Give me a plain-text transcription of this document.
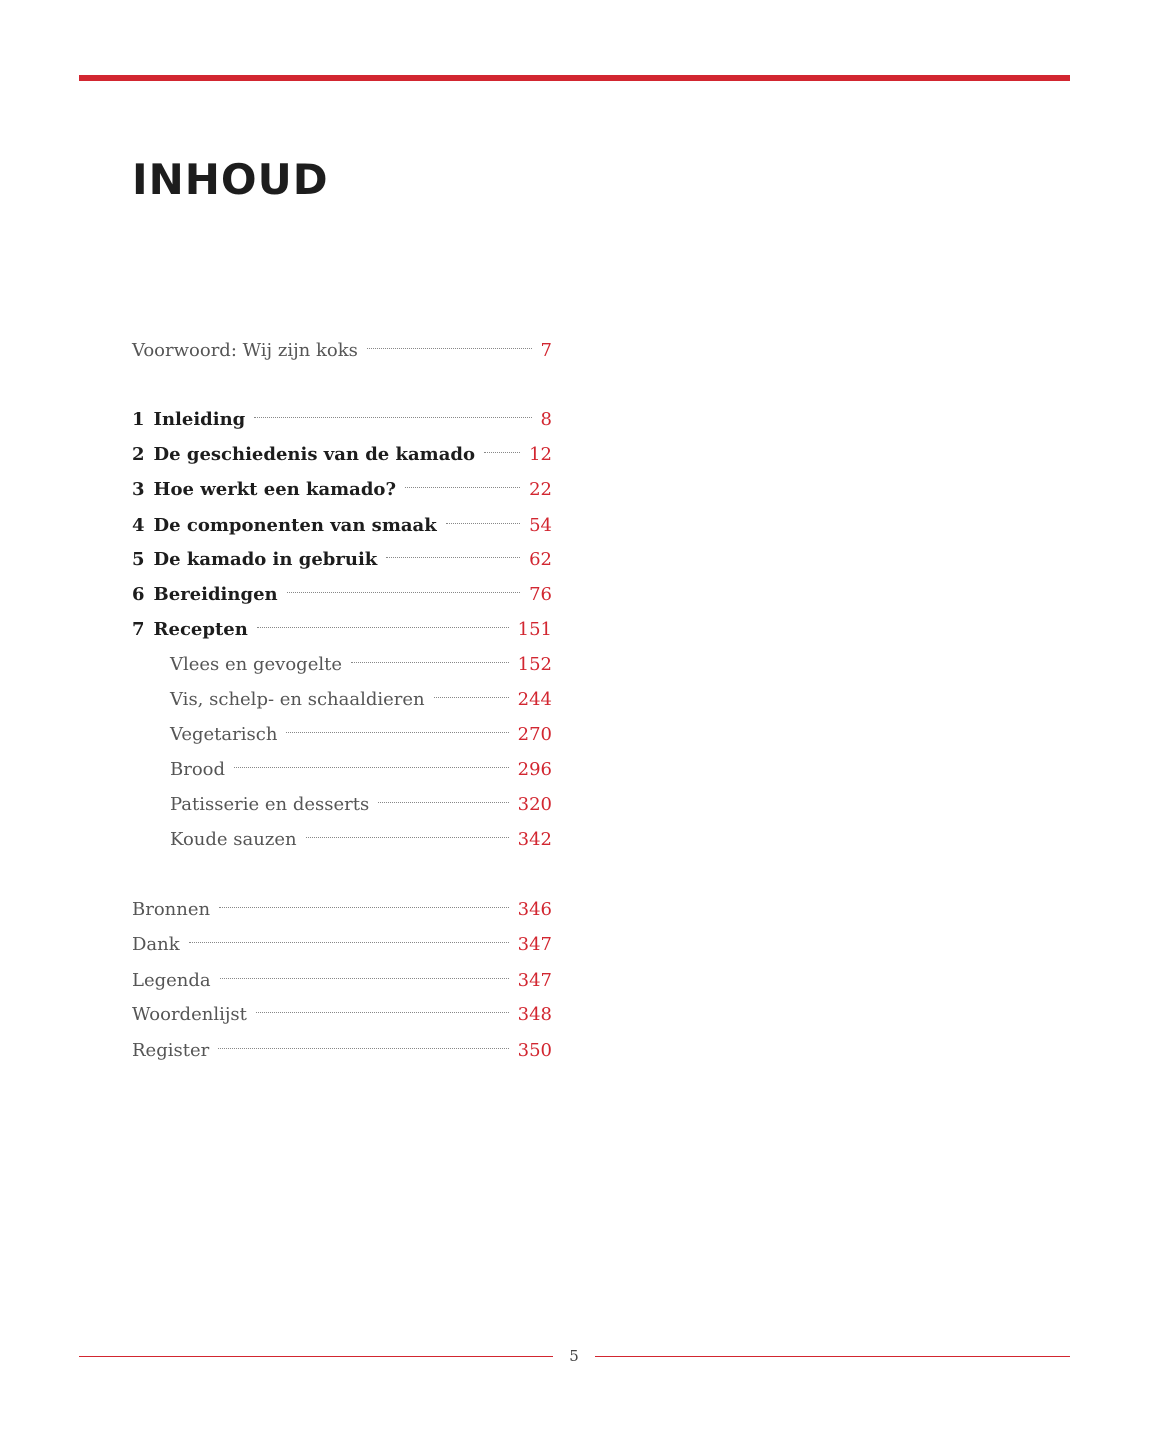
INHOUD
Voorwoord: Wij zijn koks	7
1 Inleiding	8
2 De geschiedenis van de kamado	12
3 Hoe werkt een kamado?	22
4 De componenten van smaak	54
5 De kamado in gebruik	62
6 Bereidingen	76
7 Recepten	151
Vlees en gevogelte	152
Vis, schelp- en schaaldieren	244
Vegetarisch	270
Brood	296
Patisserie en desserts	320
Koude sauzen	342
Bronnen	346
Dank	347
Legenda	347
Woordenlijst	348
Register	350
5
